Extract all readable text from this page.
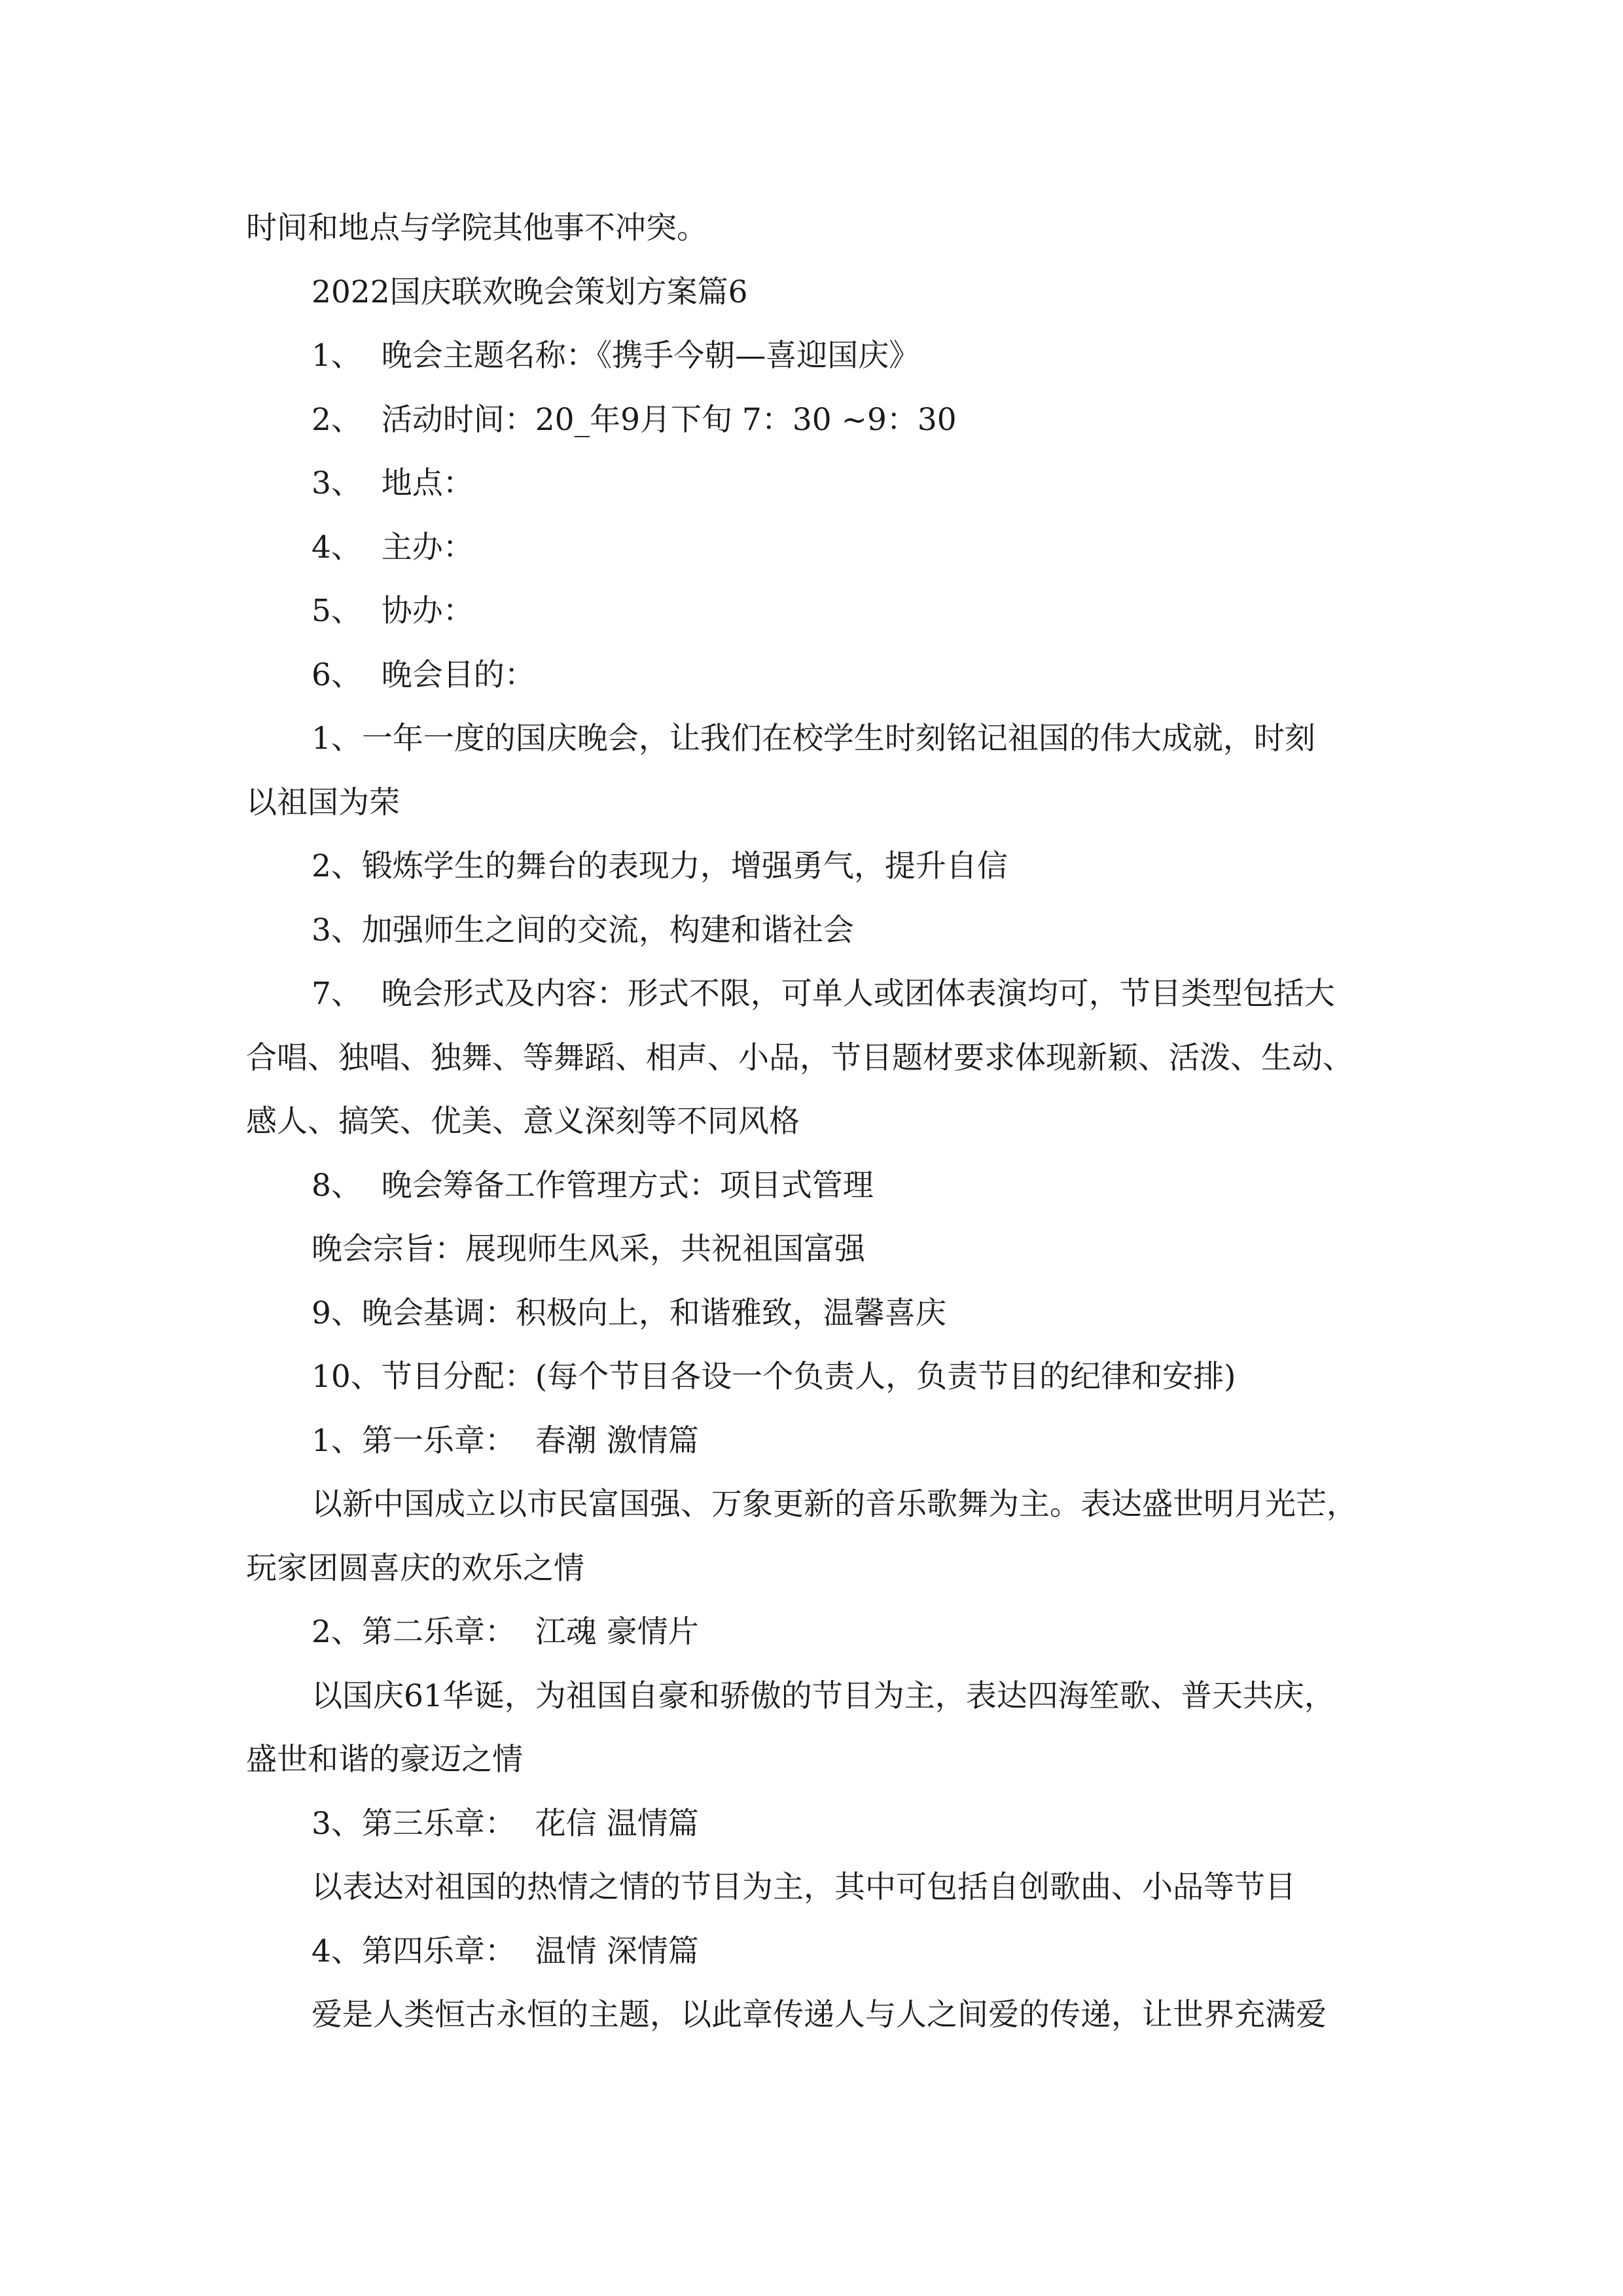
时间和地点与学院其他事不冲突。
2022国庆联欢晚会策划方案篇6
1、  晚会主题名称：《携手今朝—喜迎国庆》
2、  活动时间：20_年9月下旬 7：30 ~9：30
3、  地点：
4、  主办：
5、  协办：
6、  晚会目的：
1、一年一度的国庆晚会，让我们在校学生时刻铭记祖国的伟大成就，时刻
以祖国为荣
2、锻炼学生的舞台的表现力，增强勇气，提升自信
3、加强师生之间的交流，构建和谐社会
7、  晚会形式及内容：形式不限，可单人或团体表演均可，节目类型包括大
合唱、独唱、独舞、等舞蹈、相声、小品，节目题材要求体现新颖、活泼、生动、
感人、搞笑、优美、意义深刻等不同风格
8、  晚会筹备工作管理方式：项目式管理
晚会宗旨：展现师生风采，共祝祖国富强
9、晚会基调：积极向上，和谐雅致，温馨喜庆
10、节目分配：(每个节目各设一个负责人，负责节目的纪律和安排)
1、第一乐章：  春潮 激情篇
以新中国成立以市民富国强、万象更新的音乐歌舞为主。表达盛世明月光芒，
玩家团圆喜庆的欢乐之情
2、第二乐章：  江魂 豪情片
以国庆61华诞，为祖国自豪和骄傲的节目为主，表达四海笙歌、普天共庆，
盛世和谐的豪迈之情
3、第三乐章：  花信 温情篇
以表达对祖国的热情之情的节目为主，其中可包括自创歌曲、小品等节目
4、第四乐章：  温情 深情篇
爱是人类恒古永恒的主题，以此章传递人与人之间爱的传递，让世界充满爱
